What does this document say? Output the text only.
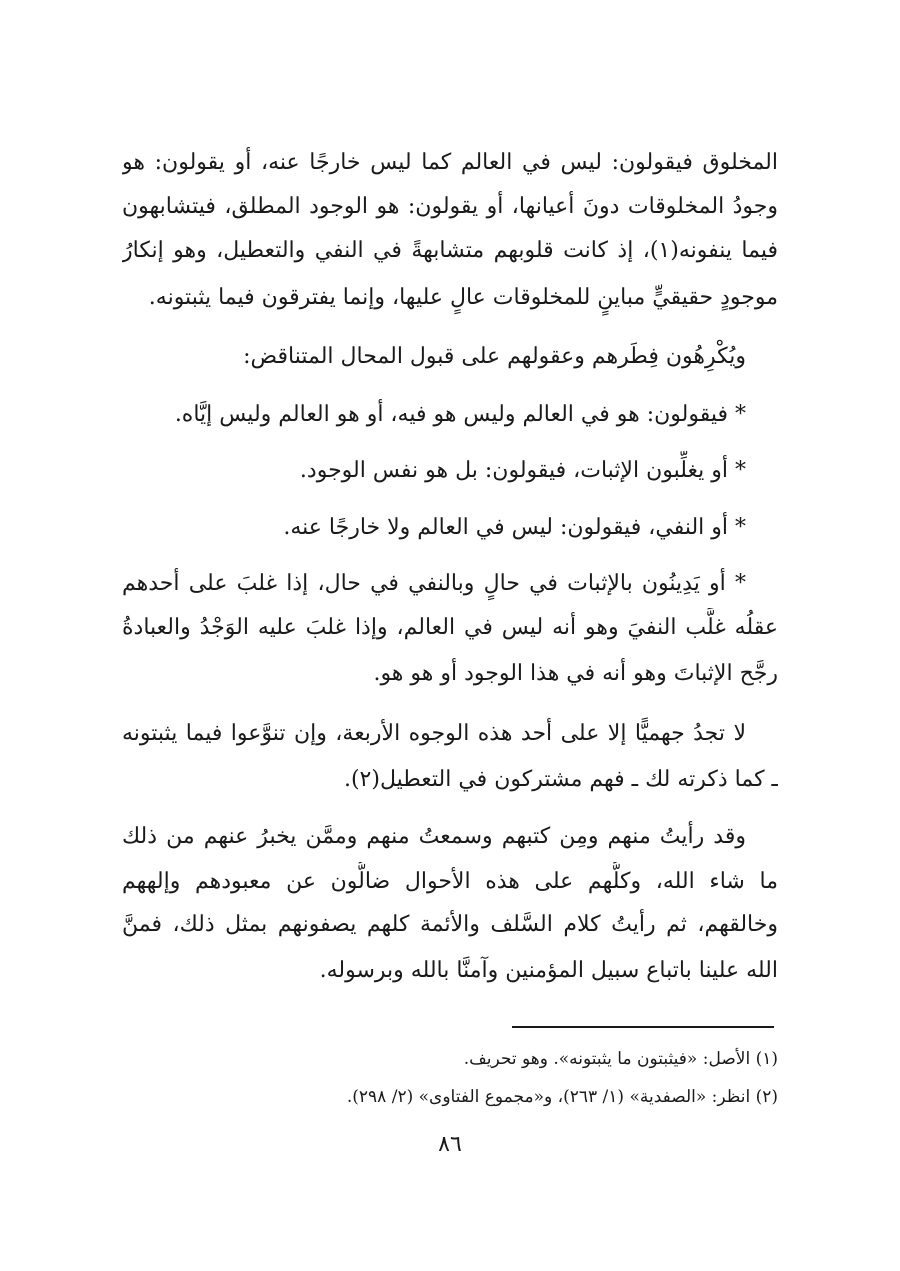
المخلوق فيقولون: ليس في العالم كما ليس خارجًا عنه، أو يقولون: هو
وجودُ المخلوقات دونَ أعيانها، أو يقولون: هو الوجود المطلق، فيتشابهون
فيما ينفونه(١)، إذ كانت قلوبهم متشابهةً في النفي والتعطيل، وهو إنكارُ
موجودٍ حقيقيٍّ مباينٍ للمخلوقات عالٍ عليها، وإنما يفترقون فيما يثبتونه.
ويُكْرِهُون فِطَرهم وعقولهم على قبول المحال المتناقض:
* فيقولون: هو في العالم وليس هو فيه، أو هو العالم وليس إيَّاه.
* أو يغلِّبون الإثبات، فيقولون: بل هو نفس الوجود.
* أو النفي، فيقولون: ليس في العالم ولا خارجًا عنه.
* أو يَدِينُون بالإثبات في حالٍ وبالنفي في حال، إذا غلبَ على أحدهم
عقلُه غلَّب النفيَ وهو أنه ليس في العالم، وإذا غلبَ عليه الوَجْدُ والعبادةُ
رجَّح الإثباتَ وهو أنه في هذا الوجود أو هو هو.
لا تجدُ جهميًّا إلا على أحد هذه الوجوه الأربعة، وإن تنوَّعوا فيما يثبتونه
ـ كما ذكرته لك ـ فهم مشتركون في التعطيل(٢).
وقد رأيتُ منهم ومِن كتبهم وسمعتُ منهم وممَّن يخبرُ عنهم من ذلك
ما شاء الله، وكلُّهم على هذه الأحوال ضالُّون عن معبودهم وإلههم
وخالقهم، ثم رأيتُ كلام السَّلف والأئمة كلهم يصفونهم بمثل ذلك، فمنَّ
الله علينا باتباع سبيل المؤمنين وآمنَّا بالله وبرسوله.
(١) الأصل: «فيثبتون ما يثبتونه». وهو تحريف.
(٢) انظر: «الصفدية» (١/ ٢٦٣)، و«مجموع الفتاوى» (٢/ ٢٩٨).
٨٦
